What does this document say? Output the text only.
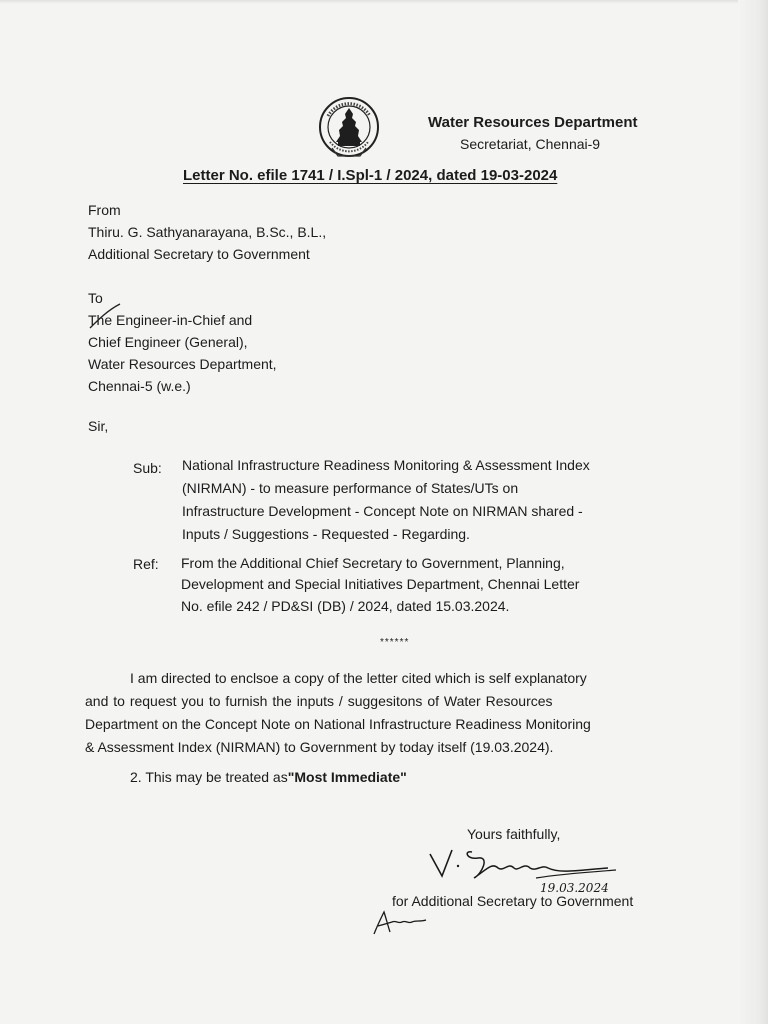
Water Resources Department
Secretariat, Chennai-9
Letter No. efile 1741 / I.Spl-1 / 2024, dated 19-03-2024
From
Thiru. G. Sathyanarayana, B.Sc., B.L.,
Additional Secretary to Government
To
The Engineer-in-Chief and
Chief Engineer (General),
Water Resources Department,
Chennai-5 (w.e.)
Sir,
Sub: National Infrastructure Readiness Monitoring & Assessment Index
(NIRMAN) - to measure performance of States/UTs on
Infrastructure Development - Concept Note on NIRMAN shared -
Inputs / Suggestions - Requested - Regarding.
Ref: From the Additional Chief Secretary to Government, Planning,
Development and Special Initiatives Department, Chennai Letter
No. efile 242 / PD&SI (DB) / 2024, dated 15.03.2024.
******
I am directed to enclsoe a copy of the letter cited which is self explanatory
and to request you to furnish the inputs / suggesitons of Water Resources
Department on the Concept Note on National Infrastructure Readiness Monitoring
& Assessment Index (NIRMAN) to Government by today itself (19.03.2024).
2. This may be treated as"Most Immediate"
Yours faithfully,
19.03.2024
for Additional Secretary to Government
